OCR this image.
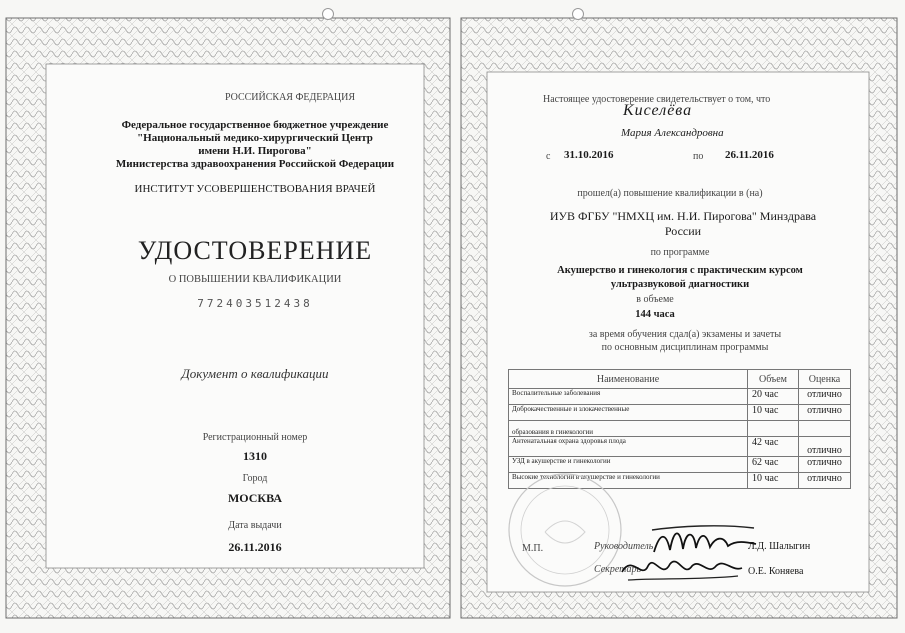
РОССИЙСКАЯ ФЕДЕРАЦИЯ
Федеральное государственное бюджетное учреждение
"Национальный медико-хирургический Центр
имени Н.И. Пирогова"
Министерства здравоохранения Российской Федерации
ИНСТИТУТ УСОВЕРШЕНСТВОВАНИЯ ВРАЧЕЙ
УДОСТОВЕРЕНИЕ
О ПОВЫШЕНИИ КВАЛИФИКАЦИИ
772403512438
Документ о квалификации
Регистрационный номер
1310
Город
МОСКВА
Дата выдачи
26.11.2016
Настоящее удостоверение свидетельствует о том, что
Киселёва
Мария Александровна
с 31.10.2016	по 26.11.2016
прошел(а) повышение квалификации в (на)
ИУВ ФГБУ "НМХЦ им. Н.И. Пирогова" Минздрава
России
по программе
Акушерство и гинекология с практическим курсом
ультразвуковой диагностики
в объеме
144 часа
за время обучения сдал(а) экзамены и зачеты
по основным дисциплинам программы
Наименование	Объем	Оценка
Воспалительные заболевания	20 час	отлично
Доброкачественные и злокачественные	10 час	отлично
образования в гинекологии		
Антенатальная охрана здоровья плода	42 час	отлично
УЗД в акушерстве и гинекологии	62 час	отлично
Высокие технологии в акушерстве и гинекологии	10 час	отлично
М.П.	Руководитель	Л.Д. Шалыгин
Секретарь	О.Е. Коняева
